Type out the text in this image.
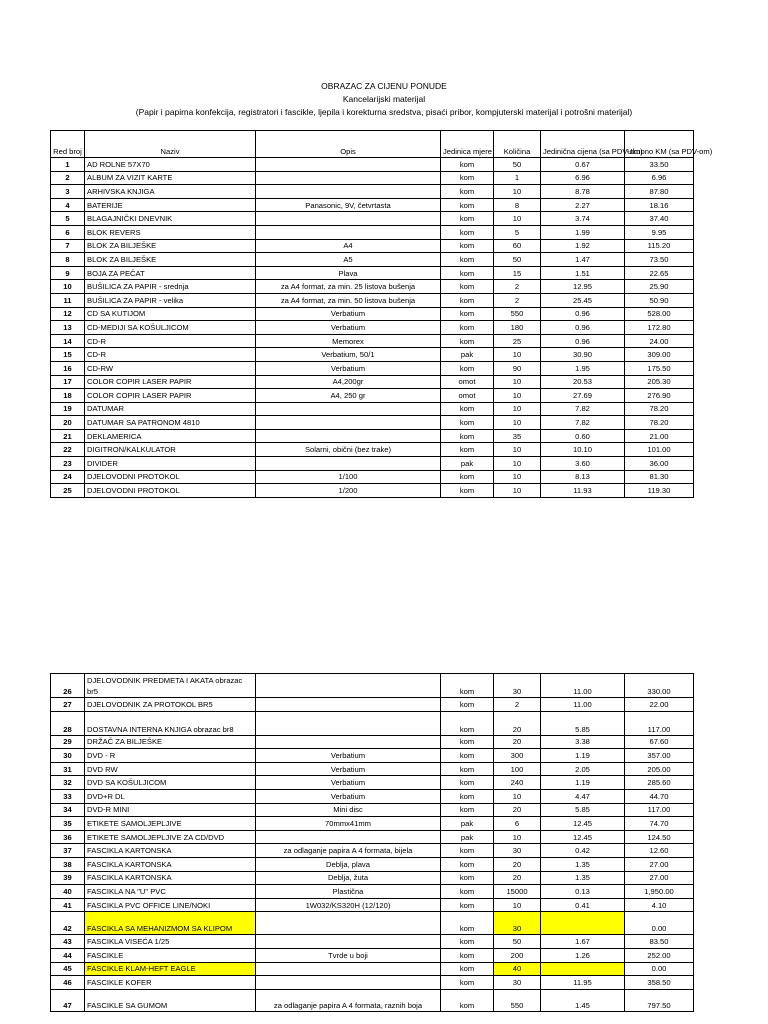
OBRAZAC ZA CIJENU PONUDE
Kancelarijski materijal
(Papir i papirna konfekcija, registratori i fascikle, ljepila i korekturna sredstva, pisaći pribor, kompjuterski materijal i potrošni materijal)
Red broj	Naziv	Opis	Jedinica mjere	Količina	Jedinična cijena (sa PDV-om)	Ukupno KM (sa PDV-om)
1	AD ROLNE 57X70		kom	50	0.67	33.50
2	ALBUM ZA VIZIT KARTE		kom	1	6.96	6.96
3	ARHIVSKA KNJIGA		kom	10	8.78	87.80
4	BATERIJE	Panasonic, 9V, četvrtasta	kom	8	2.27	18.16
5	BLAGAJNIČKI DNEVNIK		kom	10	3.74	37.40
6	BLOK REVERS		kom	5	1.99	9.95
7	BLOK ZA BILJEŠKE	A4	kom	60	1.92	115.20
8	BLOK ZA BILJEŠKE	A5	kom	50	1.47	73.50
9	BOJA ZA PEČAT	Plava	kom	15	1.51	22.65
10	BUŠILICA ZA PAPIR - srednja	za A4 format, za min. 25 listova bušenja	kom	2	12.95	25.90
11	BUŠILICA ZA PAPIR - velika	za A4 format, za min. 50 listova bušenja	kom	2	25.45	50.90
12	CD SA KUTIJOM	Verbatium	kom	550	0.96	528.00
13	CD-MEDIJI SA KOŠULJICOM	Verbatium	kom	180	0.96	172.80
14	CD-R	Memorex	kom	25	0.96	24.00
15	CD-R	Verbatium, 50/1	pak	10	30.90	309.00
16	CD-RW	Verbatium	kom	90	1.95	175.50
17	COLOR COPIR LASER PAPIR	A4,200gr	omot	10	20.53	205.30
18	COLOR COPIR LASER PAPIR	A4, 250 gr	omot	10	27.69	276.90
19	DATUMAR		kom	10	7.82	78.20
20	DATUMAR SA PATRONOM 4810		kom	10	7.82	78.20
21	DEKLAMERICA		kom	35	0.60	21.00
22	DIGITRON/KALKULATOR	Solarni, obični (bez trake)	kom	10	10.10	101.00
23	DIVIDER		pak	10	3.60	36.00
24	DJELOVODNI PROTOKOL	1/100	kom	10	8.13	81.30
25	DJELOVODNI PROTOKOL	1/200	kom	10	11.93	119.30
26	DJELOVODNIK PREDMETA I AKATA obrazac br5		kom	30	11.00	330.00
27	DJELOVODNIK ZA PROTOKOL BR5		kom	2	11.00	22.00
28	DOSTAVNA INTERNA KNJIGA obrazac br8		kom	20	5.85	117.00
29	DRŽAČ ZA BILJEŠKE		kom	20	3.38	67.60
30	DVD - R	Verbatium	kom	300	1.19	357.00
31	DVD RW	Verbatium	kom	100	2.05	205.00
32	DVD SA KOŠULJICOM	Verbatium	kom	240	1.19	285.60
33	DVD+R DL	Verbatium	kom	10	4.47	44.70
34	DVD-R MINI	Mini disc	kom	20	5.85	117.00
35	ETIKETE SAMOLJEPLJIVE	70mmx41mm	pak	6	12.45	74.70
36	ETIKETE SAMOLJEPLJIVE ZA CD/DVD		pak	10	12.45	124.50
37	FASCIKLA KARTONSKA	za odlaganje papira A 4 formata, bijela	kom	30	0.42	12.60
38	FASCIKLA KARTONSKA	Deblja, plava	kom	20	1.35	27.00
39	FASCIKLA KARTONSKA	Deblja, žuta	kom	20	1.35	27.00
40	FASCIKLA NA "U" PVC	Plastična	kom	15000	0.13	1,950.00
41	FASCIKLA PVC OFFICE LINE/NOKI	1W032/KS320H (12/120)	kom	10	0.41	4.10
42	FASCIKLA SA MEHANIZMOM SA KLIPOM		kom	30		0.00
43	FASCIKLA VISEĆA 1/25		kom	50	1.67	83.50
44	FASCIKLE	Tvrde u boji	kom	200	1.26	252.00
45	FASCIKLE KLAM-HEFT EAGLE		kom	40		0.00
46	FASCIKLE KOFER		kom	30	11.95	358.50
47	FASCIKLE SA GUMOM	za odlaganje papira A 4 formata, raznih boja	kom	550	1.45	797.50
